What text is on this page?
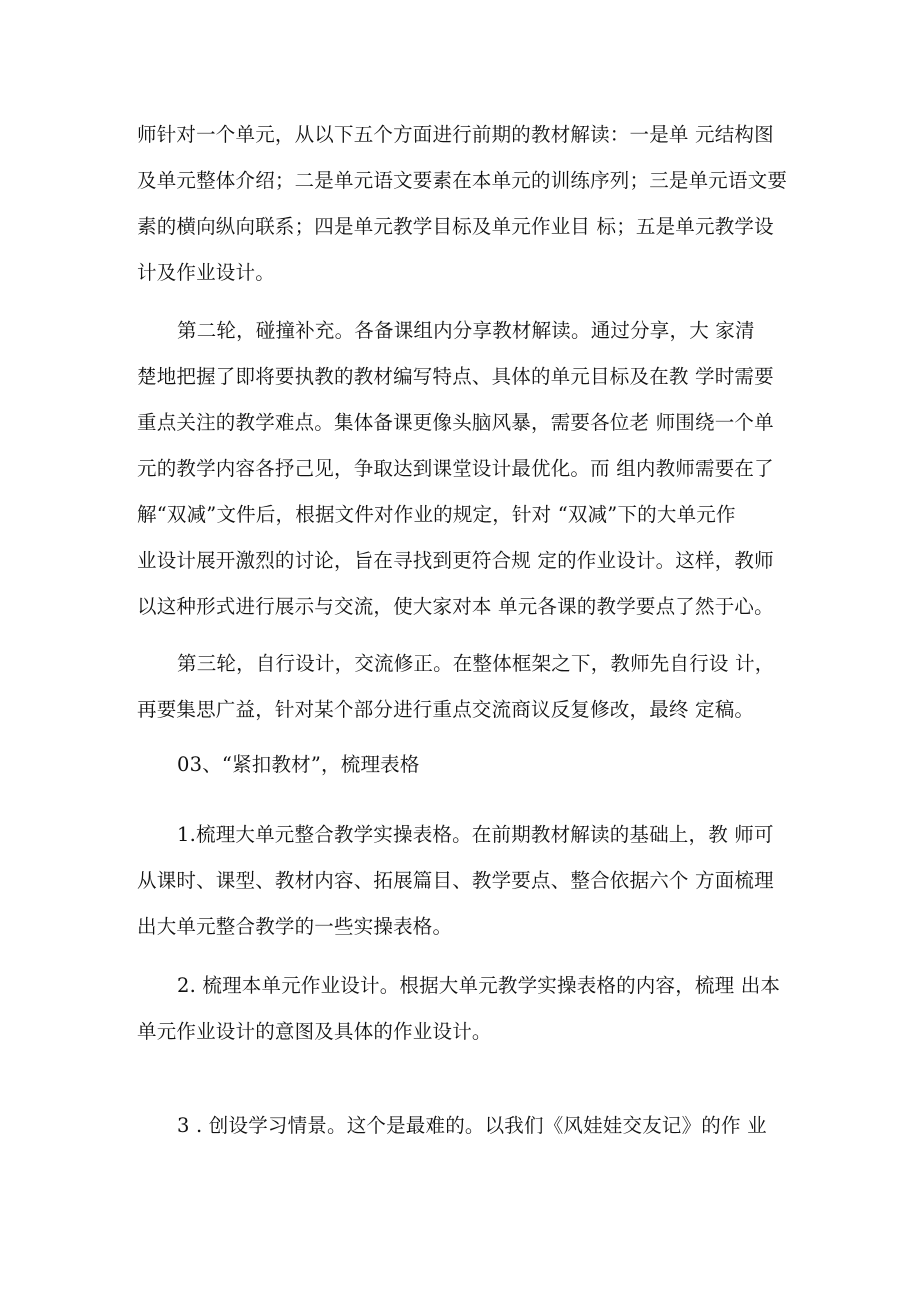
师针对一个单元，从以下五个方面进行前期的教材解读：一是单 元结构图
及单元整体介绍；二是单元语文要素在本单元的训练序列；三是单元语文要
素的横向纵向联系；四是单元教学目标及单元作业目 标；五是单元教学设
计及作业设计。
第二轮，碰撞补充。各备课组内分享教材解读。通过分享，大 家清
楚地把握了即将要执教的教材编写特点、具体的单元目标及在教 学时需要
重点关注的教学难点。集体备课更像头脑风暴，需要各位老 师围绕一个单
元的教学内容各抒己见，争取达到课堂设计最优化。而 组内教师需要在了
解“双减”文件后，根据文件对作业的规定，针对 “双减”下的大单元作
业设计展开激烈的讨论，旨在寻找到更符合规 定的作业设计。这样，教师
以这种形式进行展示与交流，使大家对本 单元各课的教学要点了然于心。
第三轮，自行设计，交流修正。在整体框架之下，教师先自行设 计，
再要集思广益，针对某个部分进行重点交流商议反复修改，最终 定稿。
03、“紧扣教材”，梳理表格
1.梳理大单元整合教学实操表格。在前期教材解读的基础上，教 师可
从课时、课型、教材内容、拓展篇目、教学要点、整合依据六个 方面梳理
出大单元整合教学的一些实操表格。
2. 梳理本单元作业设计。根据大单元教学实操表格的内容，梳理 出本
单元作业设计的意图及具体的作业设计。
3 . 创设学习情景。这个是最难的。以我们《风娃娃交友记》的作 业
